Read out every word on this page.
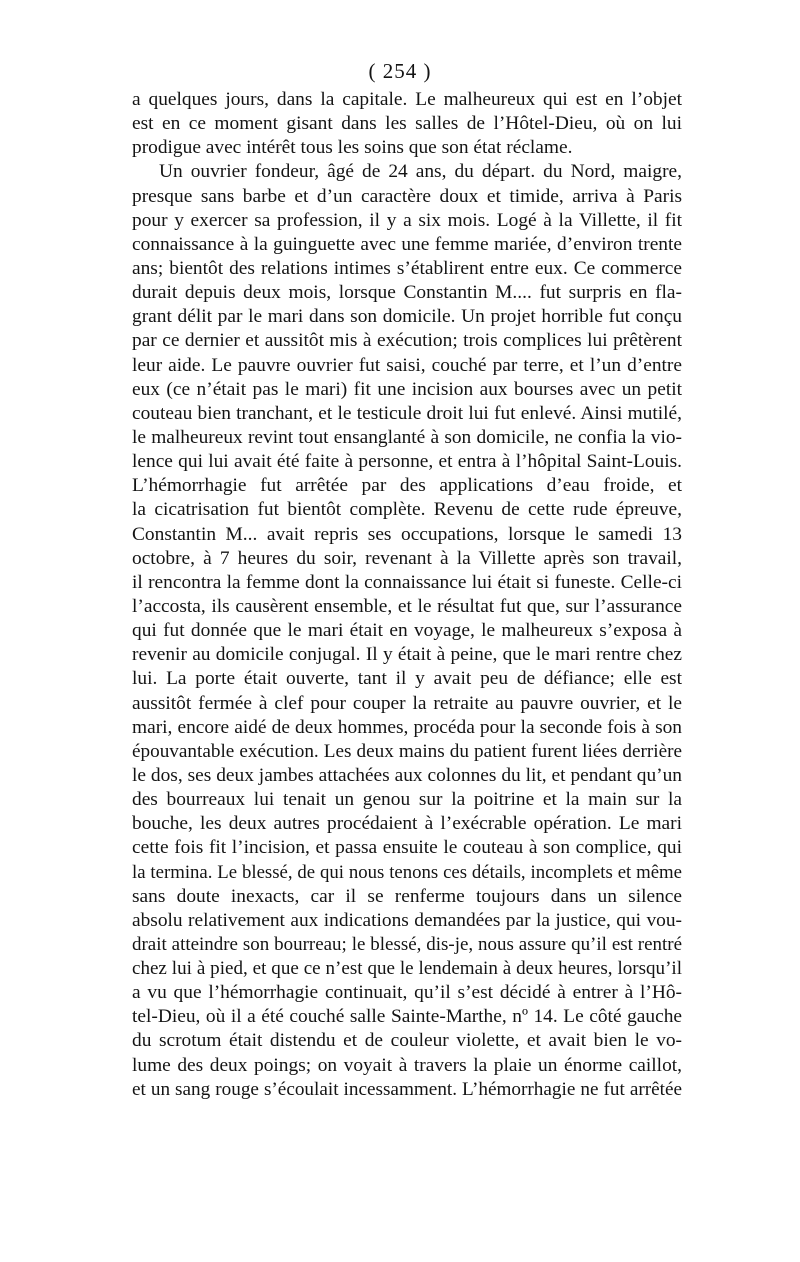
( 254 )
a quelques jours, dans la capitale. Le malheureux qui est en l’objet
est en ce moment gisant dans les salles de l’Hôtel-Dieu, où on lui
prodigue avec intérêt tous les soins que son état réclame.
Un ouvrier fondeur, âgé de 24 ans, du départ. du Nord, maigre,
presque sans barbe et d’un caractère doux et timide, arriva à Paris
pour y exercer sa profession, il y a six mois. Logé à la Villette, il fit
connaissance à la guinguette avec une femme mariée, d’environ trente
ans; bientôt des relations intimes s’établirent entre eux. Ce commerce
durait depuis deux mois, lorsque Constantin M.... fut surpris en fla-
grant délit par le mari dans son domicile. Un projet horrible fut conçu
par ce dernier et aussitôt mis à exécution; trois complices lui prêtèrent
leur aide. Le pauvre ouvrier fut saisi, couché par terre, et l’un d’entre
eux (ce n’était pas le mari) fit une incision aux bourses avec un petit
couteau bien tranchant, et le testicule droit lui fut enlevé. Ainsi mutilé,
le malheureux revint tout ensanglanté à son domicile, ne confia la vio-
lence qui lui avait été faite à personne, et entra à l’hôpital Saint-Louis.
L’hémorrhagie fut arrêtée par des applications d’eau froide, et
la cicatrisation fut bientôt complète. Revenu de cette rude épreuve,
Constantin M... avait repris ses occupations, lorsque le samedi 13
octobre, à 7 heures du soir, revenant à la Villette après son travail,
il rencontra la femme dont la connaissance lui était si funeste. Celle-ci
l’accosta, ils causèrent ensemble, et le résultat fut que, sur l’assurance
qui fut donnée que le mari était en voyage, le malheureux s’exposa à
revenir au domicile conjugal. Il y était à peine, que le mari rentre chez
lui. La porte était ouverte, tant il y avait peu de défiance; elle est
aussitôt fermée à clef pour couper la retraite au pauvre ouvrier, et le
mari, encore aidé de deux hommes, procéda pour la seconde fois à son
épouvantable exécution. Les deux mains du patient furent liées derrière
le dos, ses deux jambes attachées aux colonnes du lit, et pendant qu’un
des bourreaux lui tenait un genou sur la poitrine et la main sur la
bouche, les deux autres procédaient à l’exécrable opération. Le mari
cette fois fit l’incision, et passa ensuite le couteau à son complice, qui
la termina. Le blessé, de qui nous tenons ces détails, incomplets et même
sans doute inexacts, car il se renferme toujours dans un silence
absolu relativement aux indications demandées par la justice, qui vou-
drait atteindre son bourreau; le blessé, dis-je, nous assure qu’il est rentré
chez lui à pied, et que ce n’est que le lendemain à deux heures, lorsqu’il
a vu que l’hémorrhagie continuait, qu’il s’est décidé à entrer à l’Hô-
tel-Dieu, où il a été couché salle Sainte-Marthe, nº 14. Le côté gauche
du scrotum était distendu et de couleur violette, et avait bien le vo-
lume des deux poings; on voyait à travers la plaie un énorme caillot,
et un sang rouge s’écoulait incessamment. L’hémorrhagie ne fut arrêtée
